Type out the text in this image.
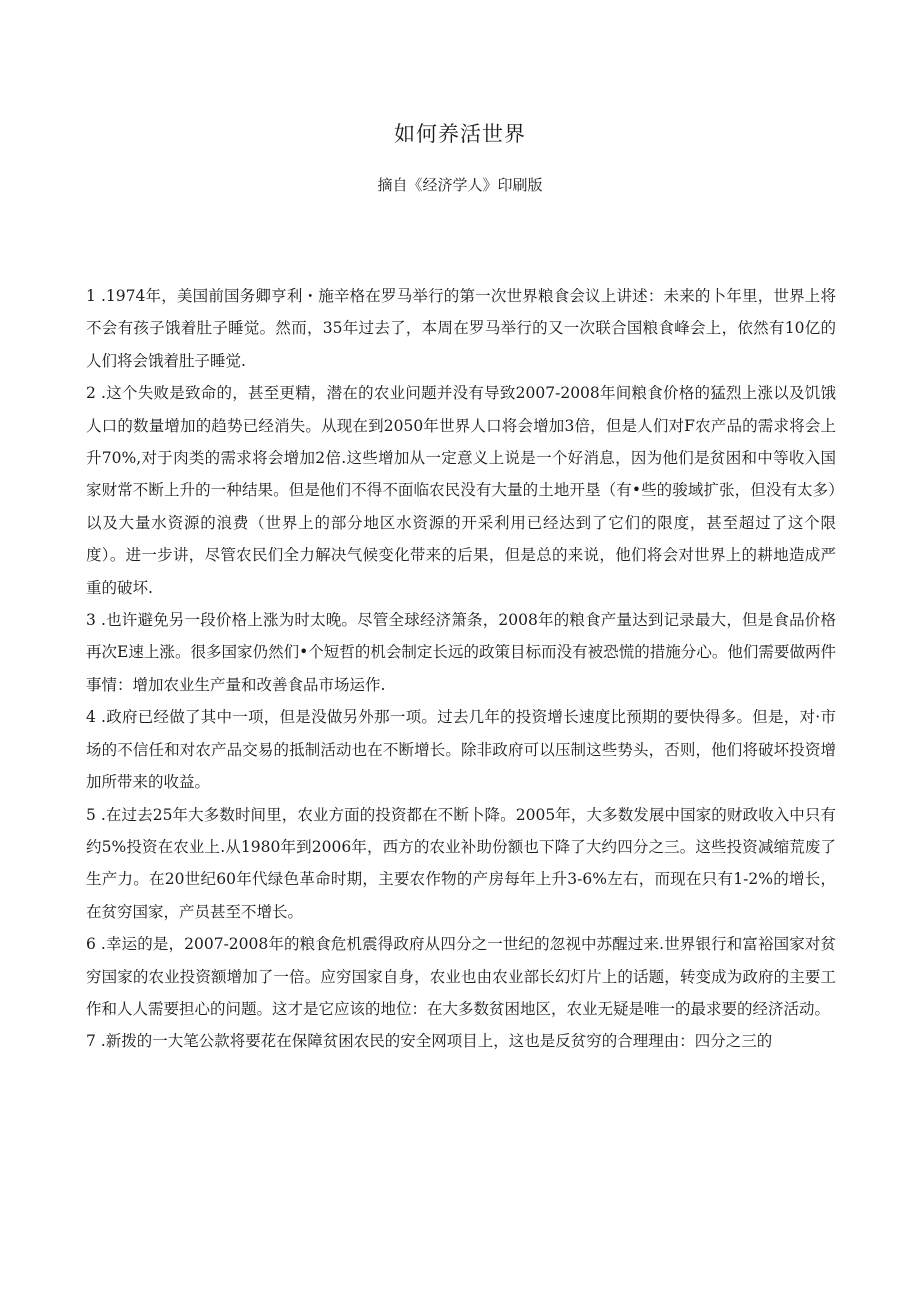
如何养活世界

摘自《经济学人》印刷版

1 .1974年，美国前国务卿亨利・施辛格在罗马举行的第一次世界粮食会议上讲述：未来的卜年里，世界上将不会有孩子饿着肚子睡觉。然而，35年过去了，本周在罗马举行的又一次联合国粮食峰会上，依然有10亿的人们将会饿着肚子睡觉.

2 .这个失败是致命的，甚至更精，潜在的农业问题并没有导致2007-2008年间粮食价格的猛烈上涨以及饥饿人口的数量增加的趋势已经消失。从现在到2050年世界人口将会增加3倍，但是人们对F农产品的需求将会上升70%,对于肉类的需求将会增加2倍.这些增加从一定意义上说是一个好消息，因为他们是贫困和中等收入国家财常不断上升的一种结果。但是他们不得不面临农民没有大量的土地开垦（有•些的骏域扩张，但没有太多）以及大量水资源的浪费（世界上的部分地区水资源的开采利用已经达到了它们的限度，甚至超过了这个限度）。进一步讲，尽管农民们全力解决气候变化带来的后果，但是总的来说，他们将会对世界上的耕地造成严重的破坏.

3 .也许避免另一段价格上涨为时太晚。尽管全球经济箫条，2008年的粮食产量达到记录最大，但是食品价格再次E速上涨。很多国家仍然们•个短哲的机会制定长远的政策目标而没有被恐慌的措施分心。他们需要做两件事情：增加农业生产量和改善食品市场运作.

4 .政府已经做了其中一项，但是没做另外那一项。过去几年的投资增长速度比预期的要快得多。但是，对·市场的不信任和对农产品交易的抵制活动也在不断增长。除非政府可以压制这些势头，否则，他们将破坏投资增加所带来的收益。

5 .在过去25年大多数时间里，农业方面的投资都在不断卜降。2005年，大多数发展中国家的财政收入中只有约5%投资在农业上.从1980年到2006年，西方的农业补助份额也下降了大约四分之三。这些投资减缩荒废了生产力。在20世纪60年代绿色革命时期，主要农作物的产房每年上升3-6%左右，而现在只有1-2%的增长，在贫穷国家，产员甚至不增长。

6 .幸运的是，2007-2008年的粮食危机震得政府从四分之一世纪的忽视中苏醒过来.世界银行和富裕国家对贫穷国家的农业投资额增加了一倍。应穷国家自身，农业也由农业部长幻灯片上的话题，转变成为政府的主要工作和人人需要担心的问题。这才是它应该的地位：在大多数贫困地区，农业无疑是唯一的最求要的经济活动。

7 .新拨的一大笔公款将要花在保障贫困农民的安全网项目上，这也是反贫穷的合理理由：四分之三的
